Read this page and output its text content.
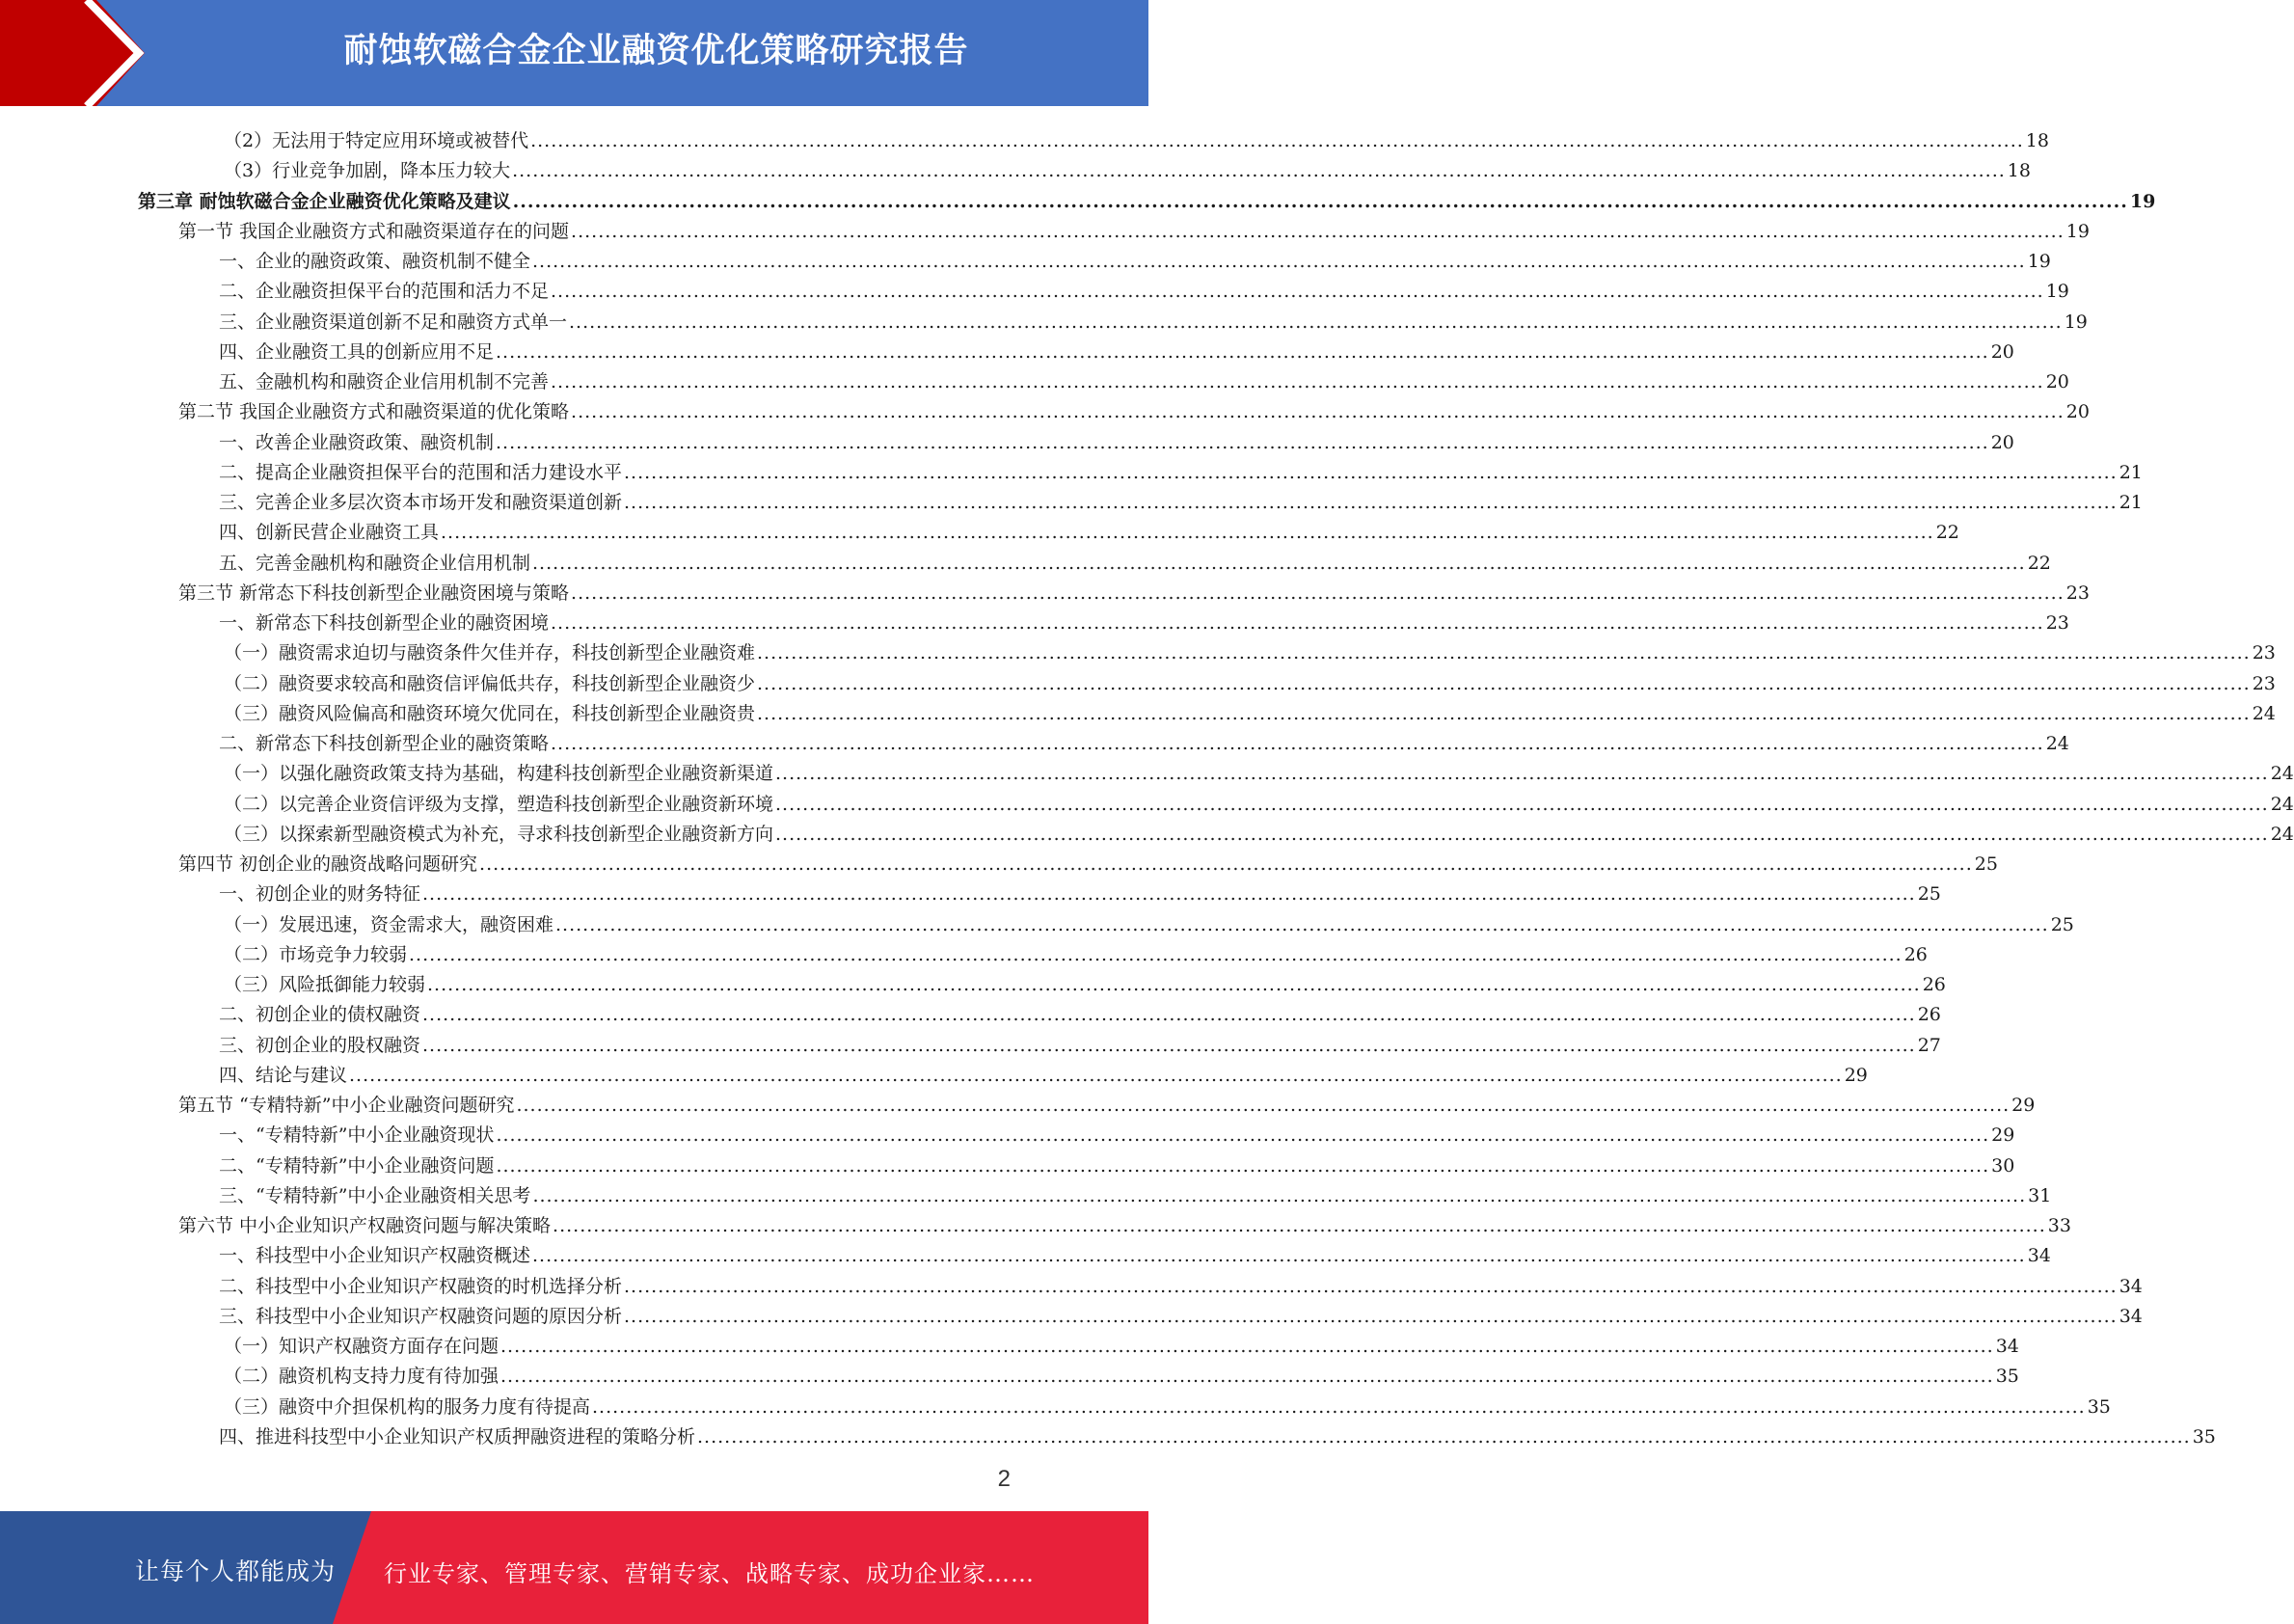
耐蚀软磁合金企业融资优化策略研究报告
（2）无法用于特定应用环境或被替代 ............................................................................................................................................................................................................................ 18
（3）行业竞争加剧，降本压力较大 ............................................................................................................................................................................................................................ 18
第三章 耐蚀软磁合金企业融资优化策略及建议 ............................................................................................................................................................................................................................ 19
第一节 我国企业融资方式和融资渠道存在的问题 ............................................................................................................................................................................................................................ 19
一、企业的融资政策、融资机制不健全 ............................................................................................................................................................................................................................ 19
二、企业融资担保平台的范围和活力不足 ............................................................................................................................................................................................................................ 19
三、企业融资渠道创新不足和融资方式单一 ............................................................................................................................................................................................................................ 19
四、企业融资工具的创新应用不足 ............................................................................................................................................................................................................................ 20
五、金融机构和融资企业信用机制不完善 ............................................................................................................................................................................................................................ 20
第二节 我国企业融资方式和融资渠道的优化策略 ............................................................................................................................................................................................................................ 20
一、改善企业融资政策、融资机制 ............................................................................................................................................................................................................................ 20
二、提高企业融资担保平台的范围和活力建设水平 ............................................................................................................................................................................................................................ 21
三、完善企业多层次资本市场开发和融资渠道创新 ............................................................................................................................................................................................................................ 21
四、创新民营企业融资工具 ............................................................................................................................................................................................................................ 22
五、完善金融机构和融资企业信用机制 ............................................................................................................................................................................................................................ 22
第三节 新常态下科技创新型企业融资困境与策略 ............................................................................................................................................................................................................................ 23
一、新常态下科技创新型企业的融资困境 ............................................................................................................................................................................................................................ 23
（一）融资需求迫切与融资条件欠佳并存，科技创新型企业融资难 ............................................................................................................................................................................................................................ 23
（二）融资要求较高和融资信评偏低共存，科技创新型企业融资少 ............................................................................................................................................................................................................................ 23
（三）融资风险偏高和融资环境欠优同在，科技创新型企业融资贵 ............................................................................................................................................................................................................................ 24
二、新常态下科技创新型企业的融资策略 ............................................................................................................................................................................................................................ 24
（一）以强化融资政策支持为基础，构建科技创新型企业融资新渠道 ............................................................................................................................................................................................................................ 24
（二）以完善企业资信评级为支撑，塑造科技创新型企业融资新环境 ............................................................................................................................................................................................................................ 24
（三）以探索新型融资模式为补充，寻求科技创新型企业融资新方向 ............................................................................................................................................................................................................................ 24
第四节 初创企业的融资战略问题研究 ............................................................................................................................................................................................................................ 25
一、初创企业的财务特征 ............................................................................................................................................................................................................................ 25
（一）发展迅速，资金需求大，融资困难 ............................................................................................................................................................................................................................ 25
（二）市场竞争力较弱 ............................................................................................................................................................................................................................ 26
（三）风险抵御能力较弱 ............................................................................................................................................................................................................................ 26
二、初创企业的债权融资 ............................................................................................................................................................................................................................ 26
三、初创企业的股权融资 ............................................................................................................................................................................................................................ 27
四、结论与建议 ............................................................................................................................................................................................................................ 29
第五节 “专精特新”中小企业融资问题研究 ............................................................................................................................................................................................................................ 29
一、“专精特新”中小企业融资现状 ............................................................................................................................................................................................................................ 29
二、“专精特新”中小企业融资问题 ............................................................................................................................................................................................................................ 30
三、“专精特新”中小企业融资相关思考 ............................................................................................................................................................................................................................ 31
第六节 中小企业知识产权融资问题与解决策略 ............................................................................................................................................................................................................................ 33
一、科技型中小企业知识产权融资概述 ............................................................................................................................................................................................................................ 34
二、科技型中小企业知识产权融资的时机选择分析 ............................................................................................................................................................................................................................ 34
三、科技型中小企业知识产权融资问题的原因分析 ............................................................................................................................................................................................................................ 34
（一）知识产权融资方面存在问题 ............................................................................................................................................................................................................................ 34
（二）融资机构支持力度有待加强 ............................................................................................................................................................................................................................ 35
（三）融资中介担保机构的服务力度有待提高 ............................................................................................................................................................................................................................ 35
四、推进科技型中小企业知识产权质押融资进程的策略分析 ............................................................................................................................................................................................................................ 35
2
让每个人都能成为 行业专家、管理专家、营销专家、战略专家、成功企业家……
